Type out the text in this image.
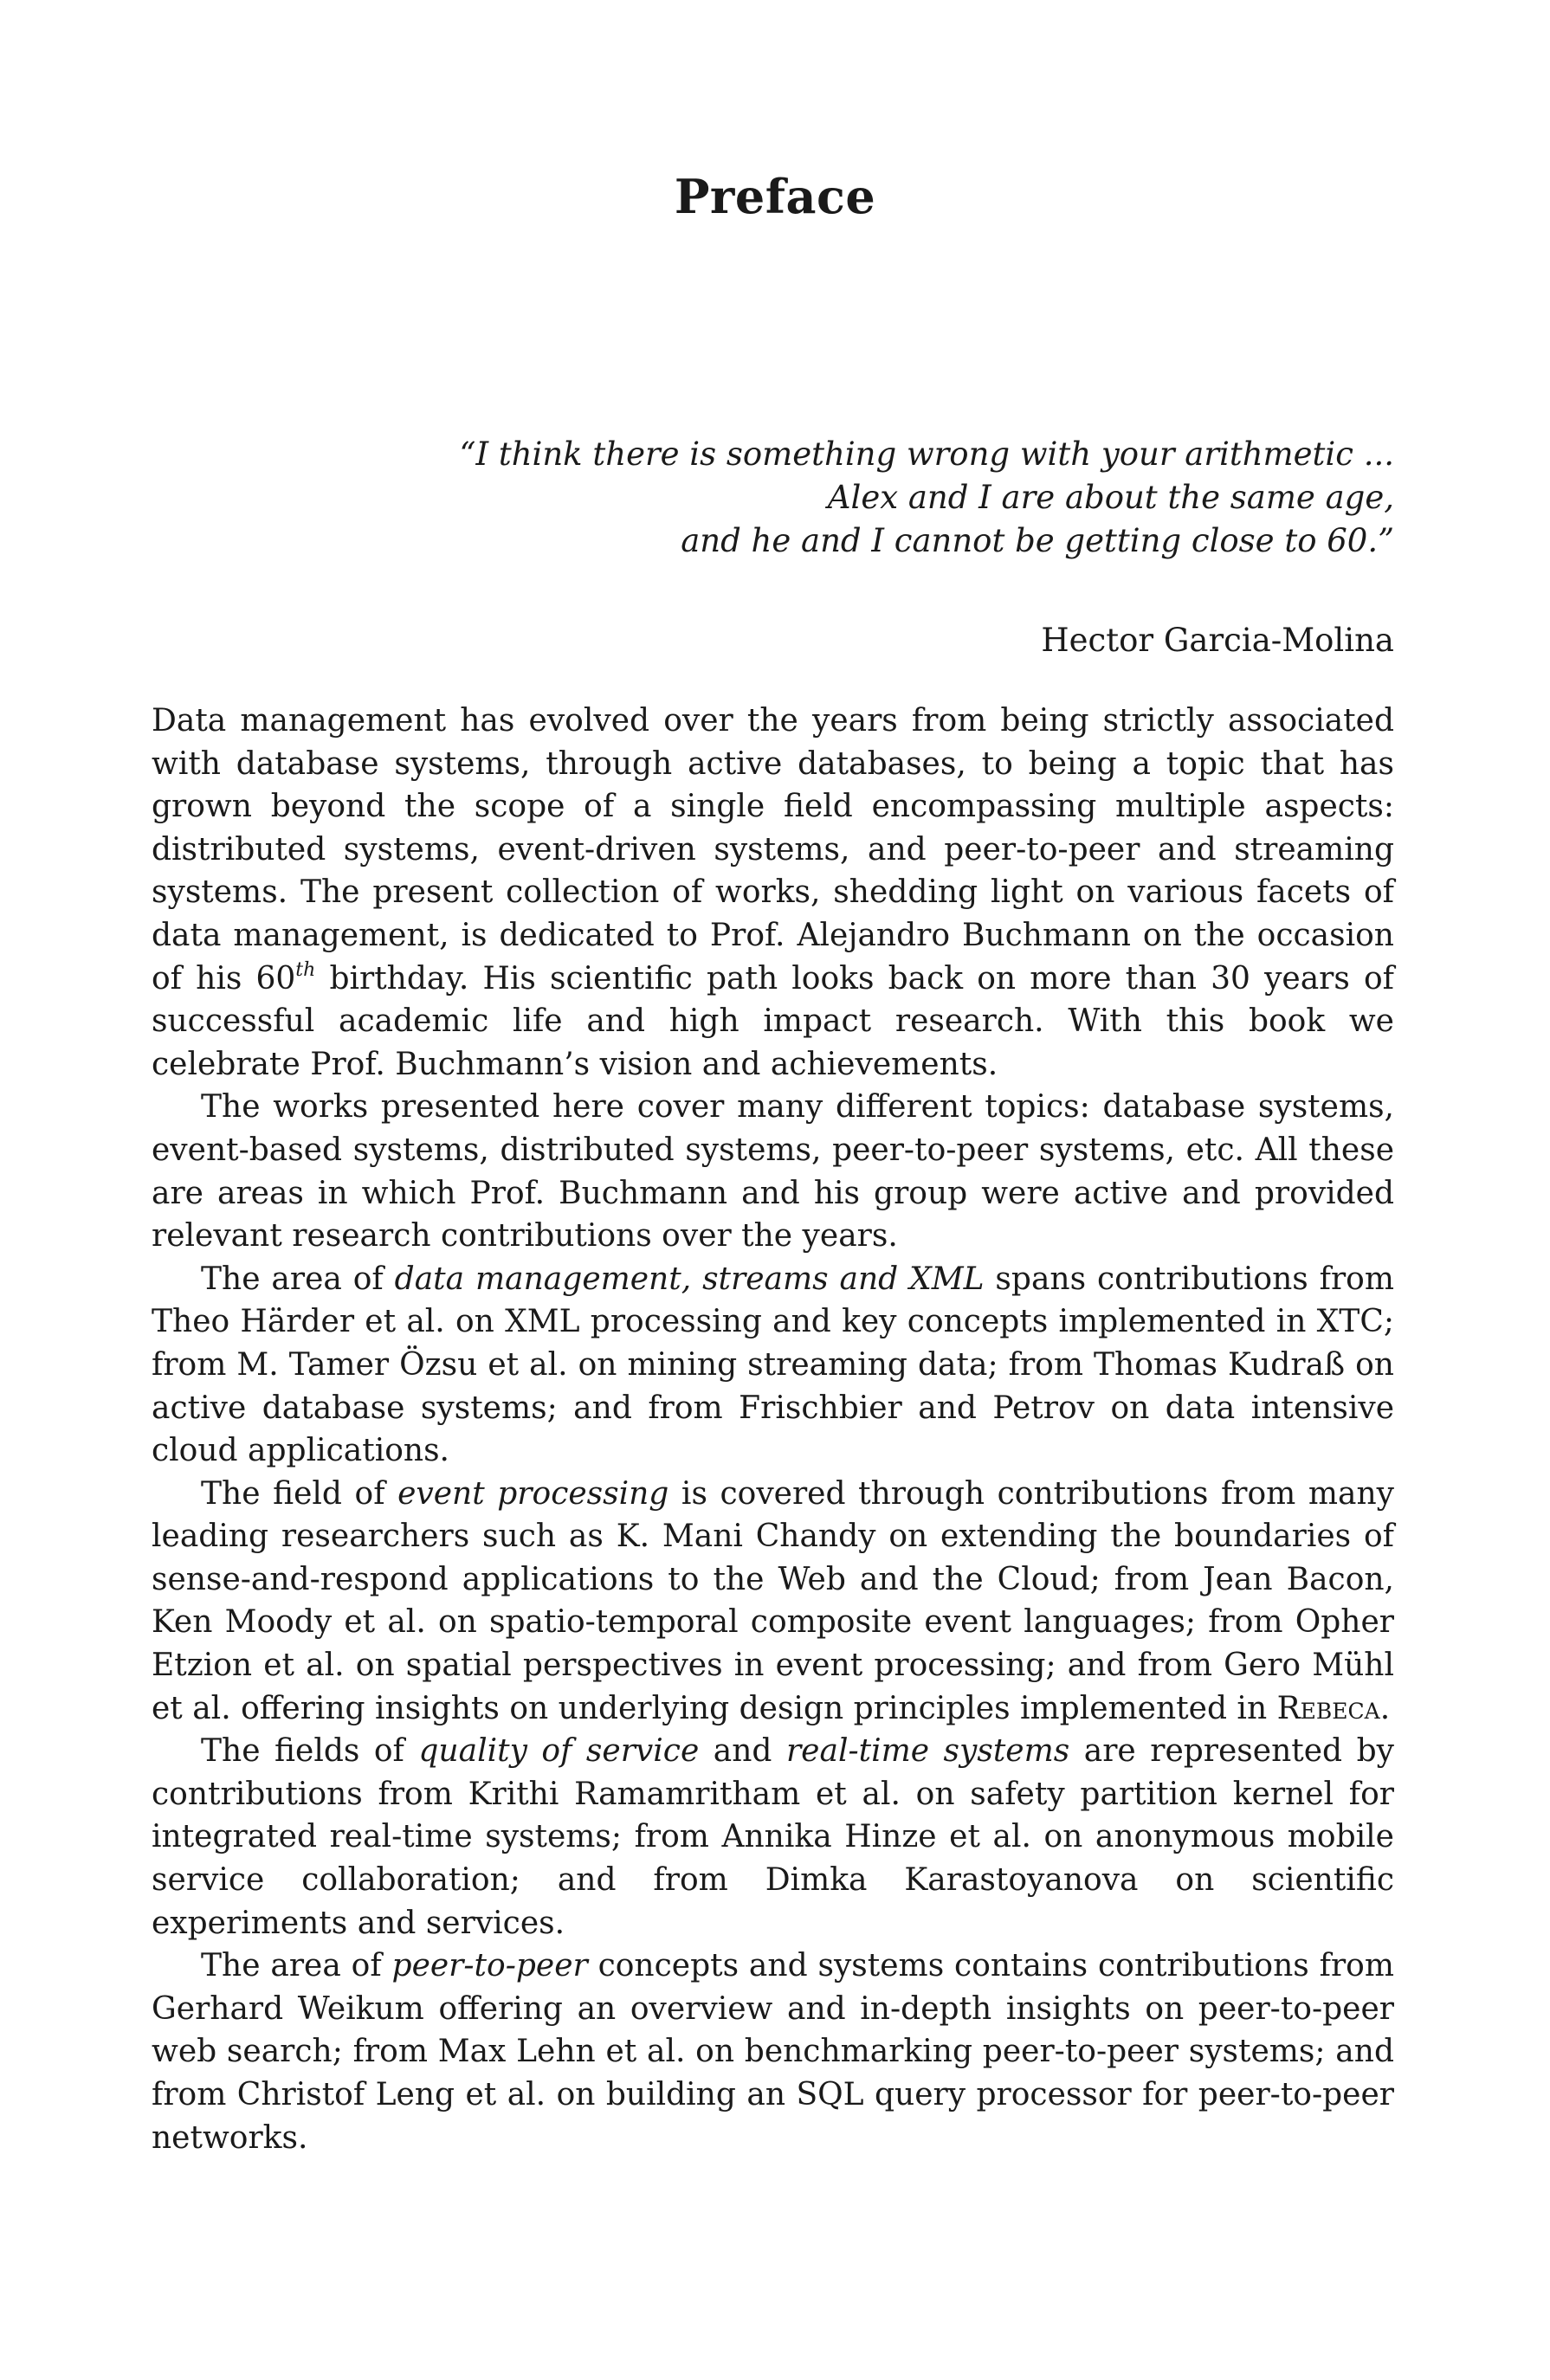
Preface
“I think there is something wrong with your arithmetic ...
Alex and I are about the same age,
and he and I cannot be getting close to 60.”
Hector Garcia-Molina

Data management has evolved over the years from being strictly associated with database systems, through active databases, to being a topic that has grown beyond the scope of a single field encompassing multiple aspects: distributed systems, event-driven systems, and peer-to-peer and streaming systems. The present collection of works, shedding light on various facets of data management, is dedicated to Prof. Alejandro Buchmann on the occasion of his 60th birthday. His scientific path looks back on more than 30 years of successful academic life and high impact research. With this book we celebrate Prof. Buchmann’s vision and achievements.

The works presented here cover many different topics: database systems, event-based systems, distributed systems, peer-to-peer systems, etc. All these are areas in which Prof. Buchmann and his group were active and provided relevant research contributions over the years.

The area of data management, streams and XML spans contributions from Theo Härder et al. on XML processing and key concepts implemented in XTC; from M. Tamer Özsu et al. on mining streaming data; from Thomas Kudraß on active database systems; and from Frischbier and Petrov on data intensive cloud applications.

The field of event processing is covered through contributions from many leading researchers such as K. Mani Chandy on extending the boundaries of sense-and-respond applications to the Web and the Cloud; from Jean Bacon, Ken Moody et al. on spatio-temporal composite event languages; from Opher Etzion et al. on spatial perspectives in event processing; and from Gero Mühl et al. offering insights on underlying design principles implemented in Rebeca.

The fields of quality of service and real-time systems are represented by contributions from Krithi Ramamritham et al. on safety partition kernel for integrated real-time systems; from Annika Hinze et al. on anonymous mobile service collaboration; and from Dimka Karastoyanova on scientific experiments and services.

The area of peer-to-peer concepts and systems contains contributions from Gerhard Weikum offering an overview and in-depth insights on peer-to-peer web search; from Max Lehn et al. on benchmarking peer-to-peer systems; and from Christof Leng et al. on building an SQL query processor for peer-to-peer networks.
